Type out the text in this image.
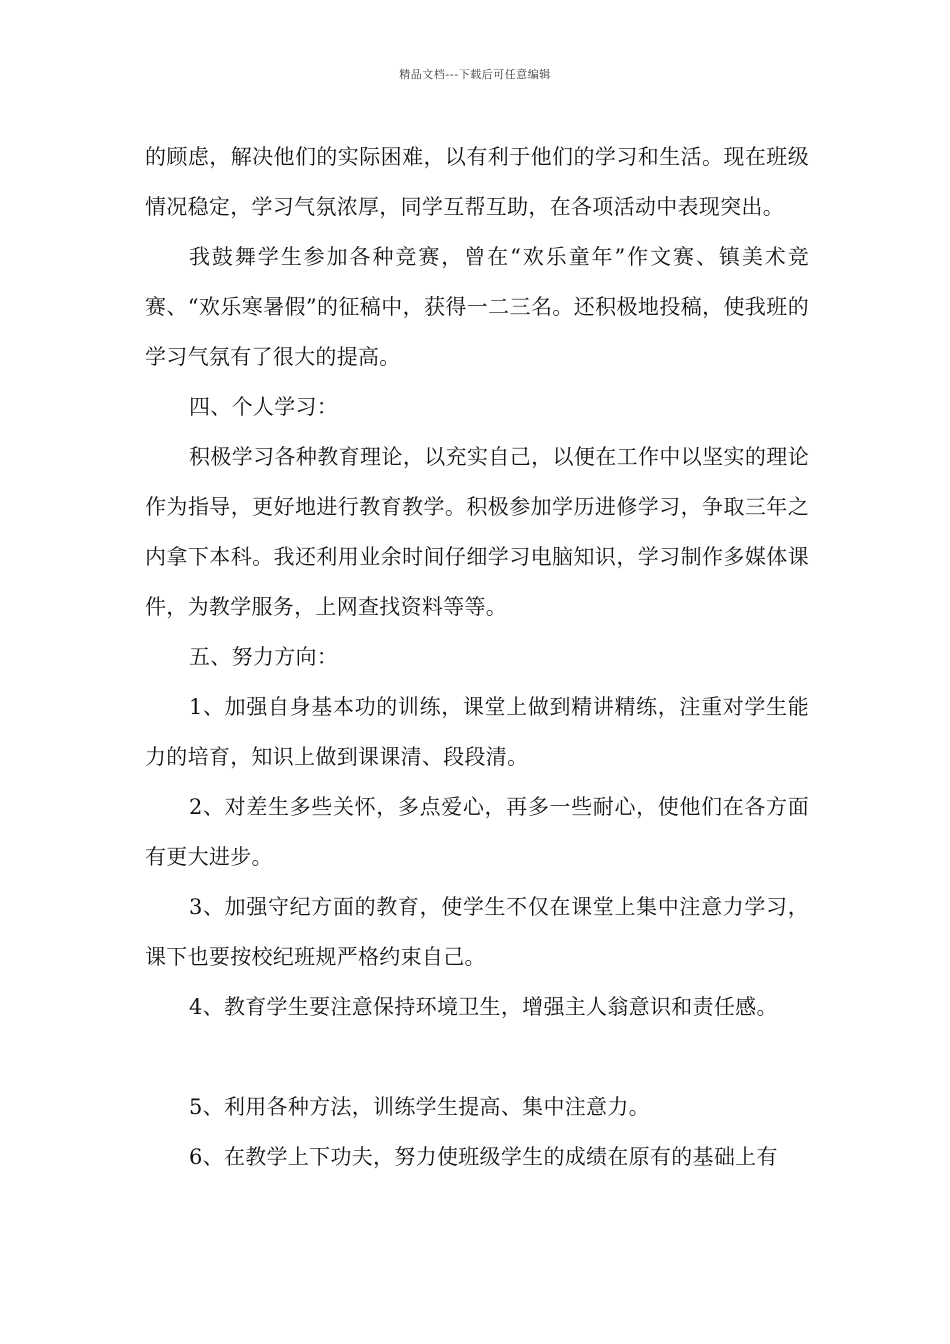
精品文档---下载后可任意编辑

的顾虑，解决他们的实际困难，以有利于他们的学习和生活。现在班级情况稳定，学习气氛浓厚，同学互帮互助，在各项活动中表现突出。

我鼓舞学生参加各种竞赛，曾在“欢乐童年”作文赛、镇美术竞赛、“欢乐寒暑假”的征稿中，获得一二三名。还积极地投稿，使我班的学习气氛有了很大的提高。

四、个人学习：

积极学习各种教育理论，以充实自己，以便在工作中以坚实的理论作为指导，更好地进行教育教学。积极参加学历进修学习，争取三年之内拿下本科。我还利用业余时间仔细学习电脑知识，学习制作多媒体课件，为教学服务，上网查找资料等等。

五、努力方向：

1、加强自身基本功的训练，课堂上做到精讲精练，注重对学生能力的培育，知识上做到课课清、段段清。

2、对差生多些关怀，多点爱心，再多一些耐心，使他们在各方面有更大进步。

3、加强守纪方面的教育，使学生不仅在课堂上集中注意力学习，课下也要按校纪班规严格约束自己。

4、教育学生要注意保持环境卫生，增强主人翁意识和责任感。

5、利用各种方法，训练学生提高、集中注意力。

6、在教学上下功夫，努力使班级学生的成绩在原有的基础上有
